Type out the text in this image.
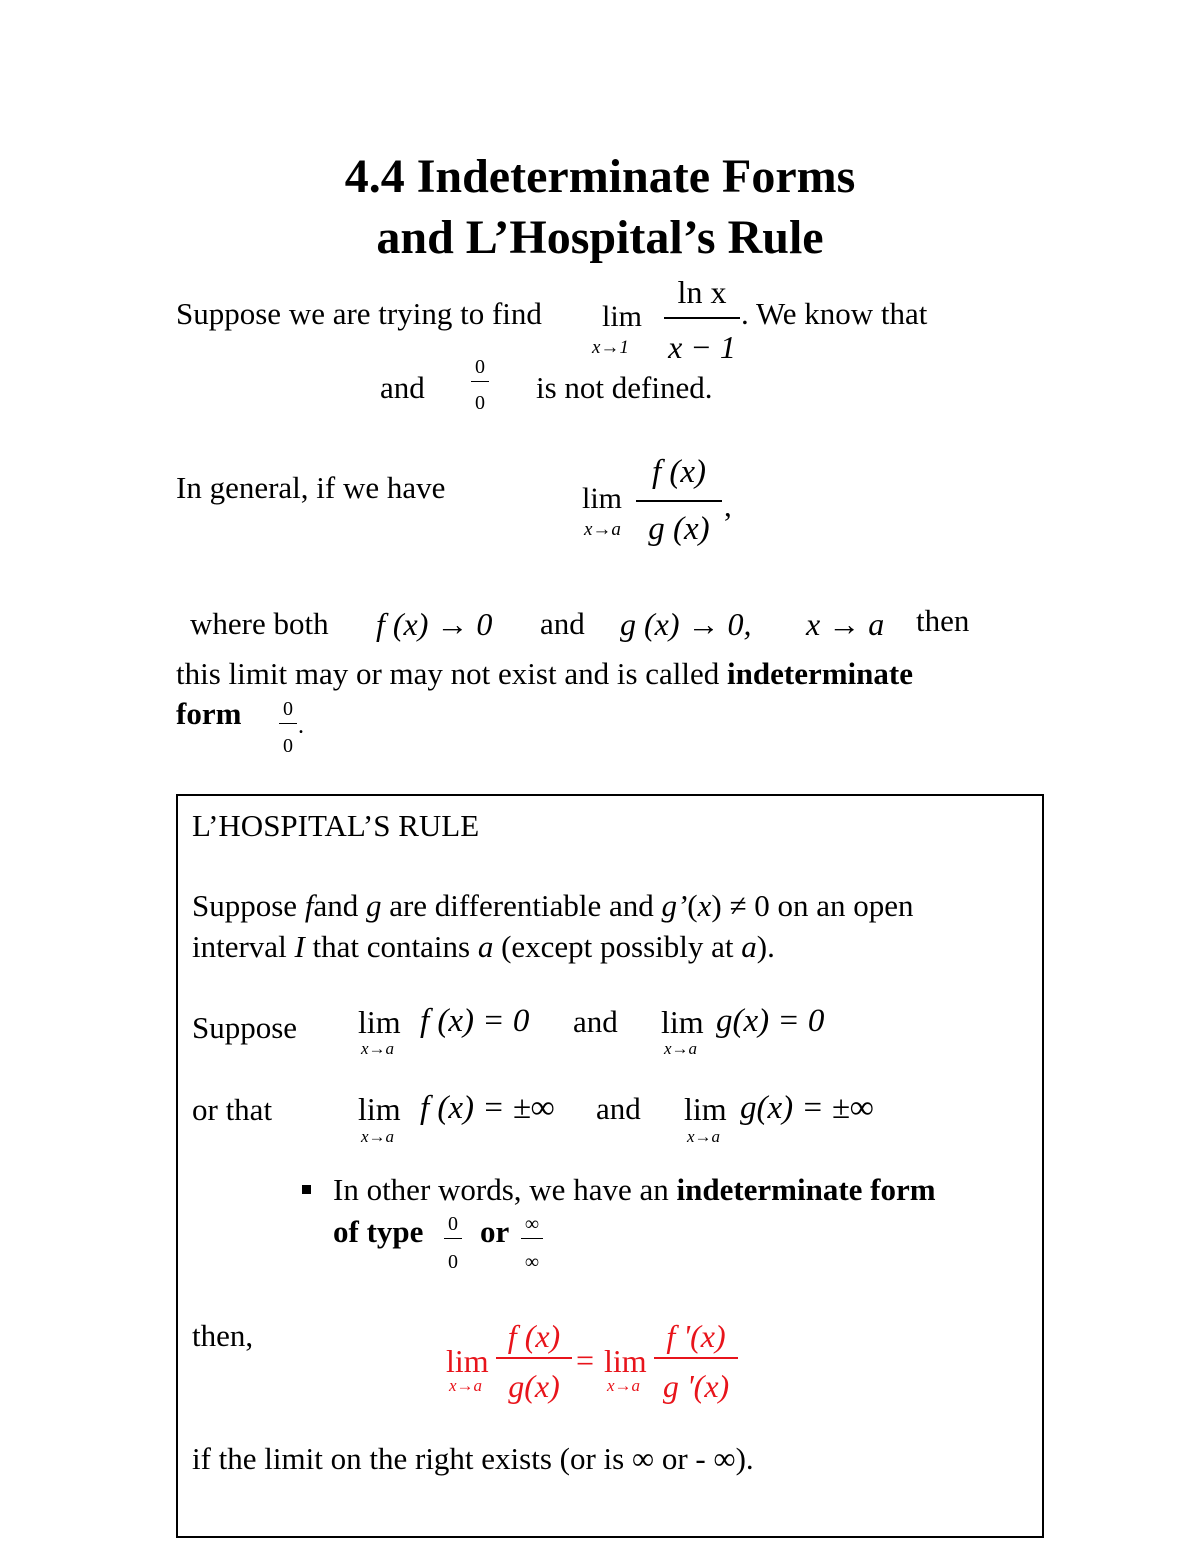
4.4 Indeterminate Forms
and L’Hospital’s Rule
Suppose we are trying to find lim
x→1
ln x
x − 1
. We know that
and
0
0 is not defined.
In general, if we have	lim
x→a
f (x)
g (x)
,
where both f (x) → 0 and g (x) → 0, x → a then
this limit may or may not exist and is called indeterminate
form 0
0
.
L’HOSPITAL’S RULE
Suppose fand g are differentiable and g’(x) ≠ 0 on an open
interval I that contains a (except possibly at a).
Suppose lim
x→a
f (x) = 0 and lim
x→a
g(x) = 0
or that	lim
x→a
f (x) = ±∞ and lim
x→a
g(x) = ±∞
In other words, we have an indeterminate form
of type 0
0
or ∞
∞
then,
lim
x→a
f (x)
g(x)
= lim
x→a
f '(x)
g '(x)
if the limit on the right exists (or is ∞ or - ∞).
